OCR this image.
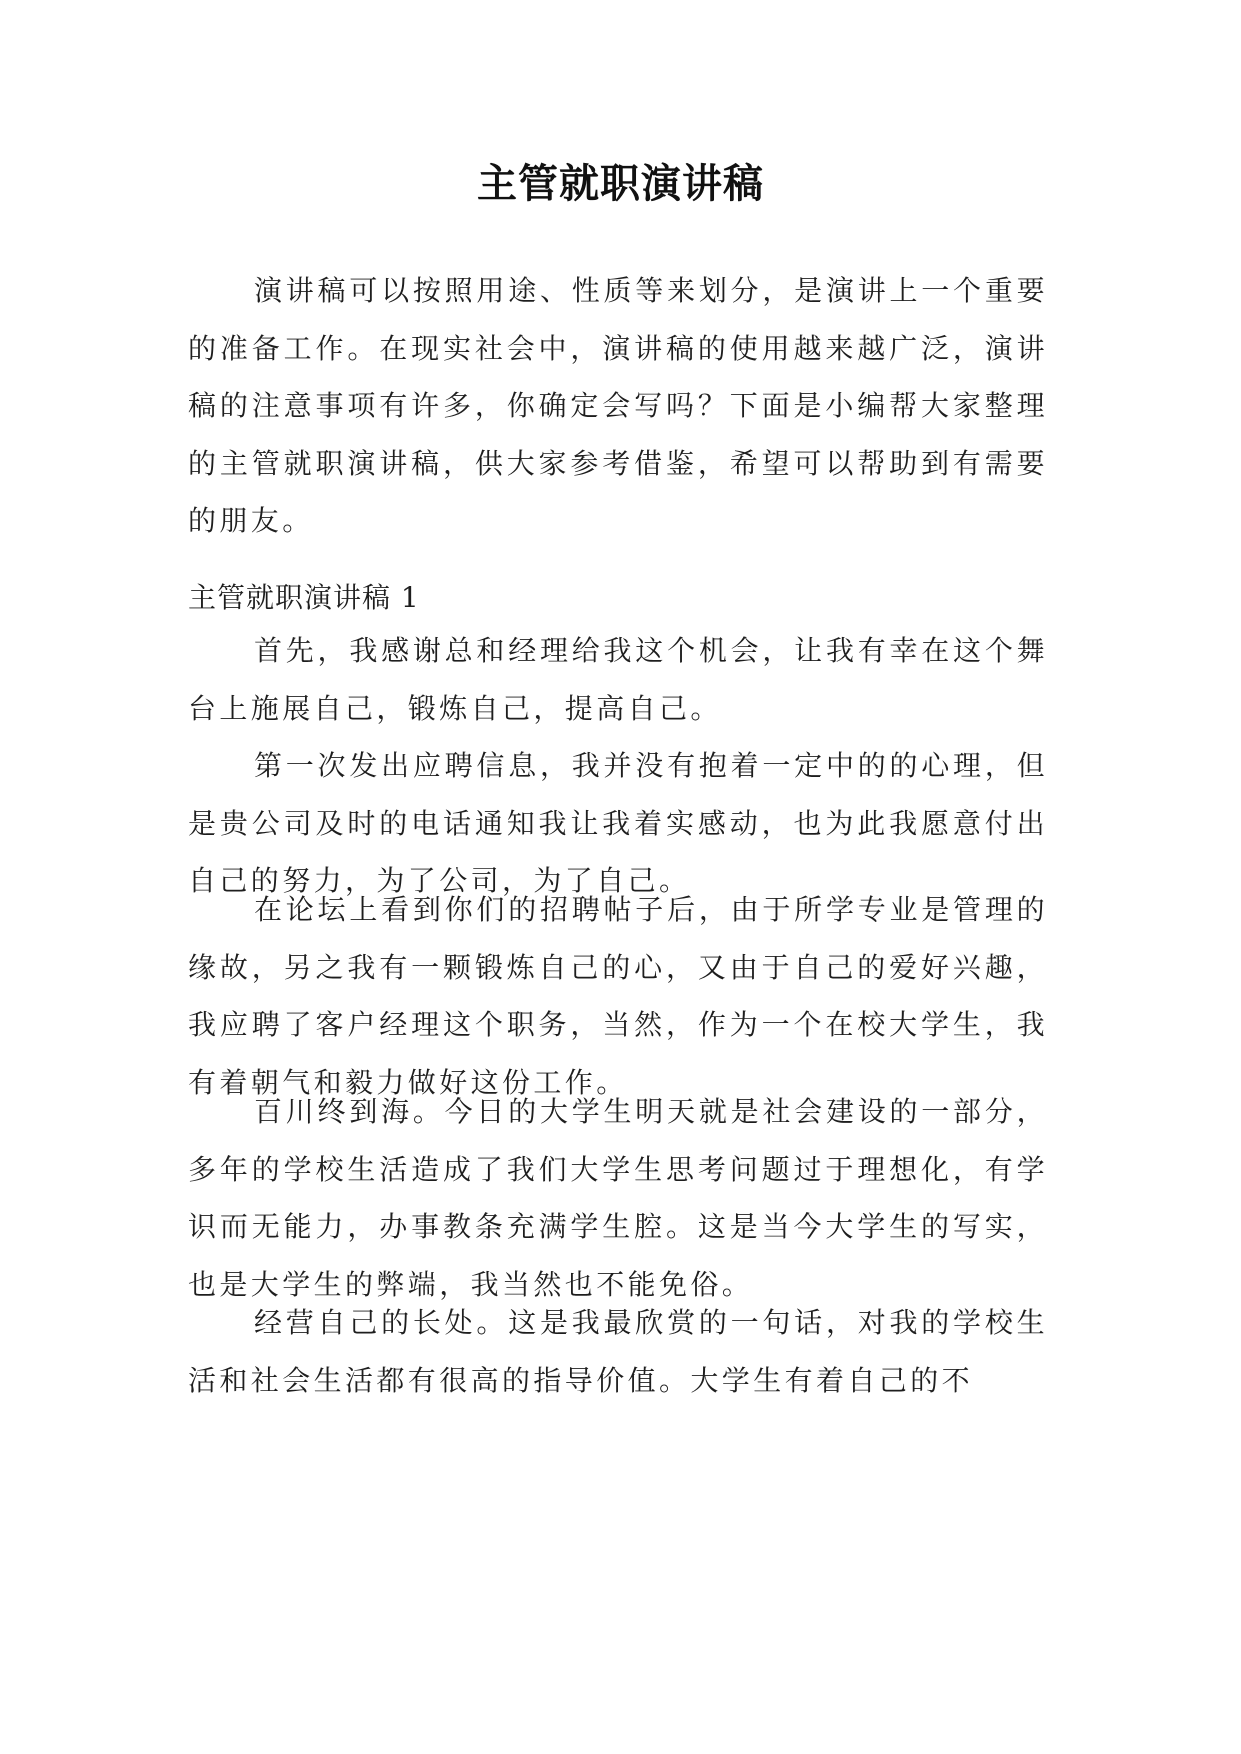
主管就职演讲稿

演讲稿可以按照用途、性质等来划分，是演讲上一个重要的准备工作。在现实社会中，演讲稿的使用越来越广泛，演讲稿的注意事项有许多，你确定会写吗？下面是小编帮大家整理的主管就职演讲稿，供大家参考借鉴，希望可以帮助到有需要的朋友。

主管就职演讲稿 1

首先，我感谢总和经理给我这个机会，让我有幸在这个舞台上施展自己，锻炼自己，提高自己。

第一次发出应聘信息，我并没有抱着一定中的的心理，但是贵公司及时的电话通知我让我着实感动，也为此我愿意付出自己的努力，为了公司，为了自己。

在论坛上看到你们的招聘帖子后，由于所学专业是管理的缘故，另之我有一颗锻炼自己的心，又由于自己的爱好兴趣，我应聘了客户经理这个职务，当然，作为一个在校大学生，我有着朝气和毅力做好这份工作。

百川终到海。今日的大学生明天就是社会建设的一部分，多年的学校生活造成了我们大学生思考问题过于理想化，有学识而无能力，办事教条充满学生腔。这是当今大学生的写实，也是大学生的弊端，我当然也不能免俗。

经营自己的长处。这是我最欣赏的一句话，对我的学校生活和社会生活都有很高的指导价值。大学生有着自己的不
